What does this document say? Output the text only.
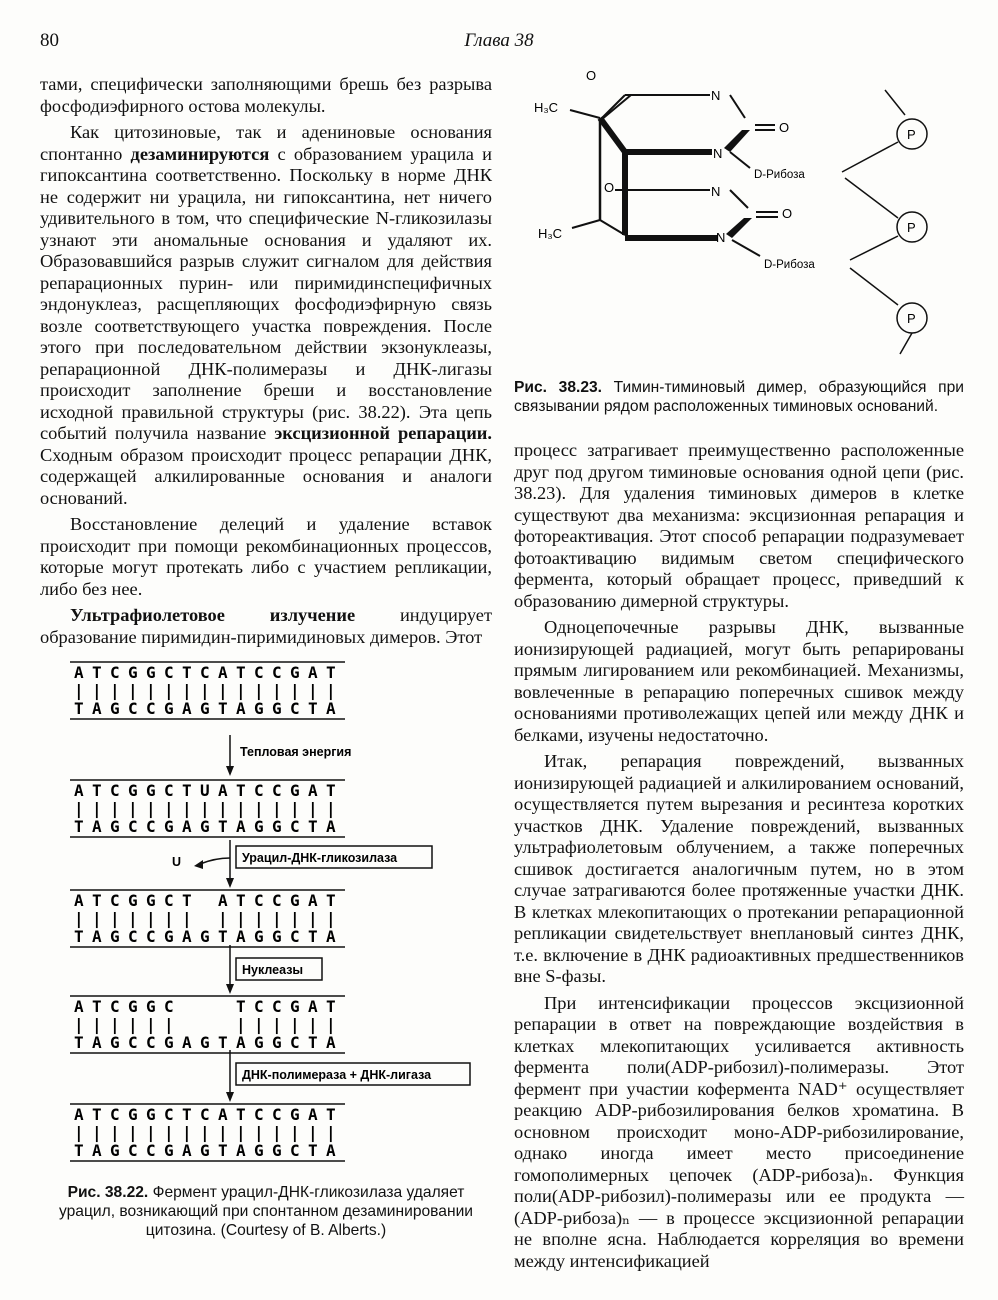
80	Глава 38

тами, специфически заполняющими брешь без разрыва фосфодиэфирного остова молекулы.

Как цитозиновые, так и адениновые основания спонтанно дезаминируются с образованием урацила и гипоксантина соответственно. Поскольку в норме ДНК не содержит ни урацила, ни гипоксантина, нет ничего удивительного в том, что специфические N-гликозилазы узнают эти аномальные основания и удаляют их. Образовавшийся разрыв служит сигналом для действия репарационных пурин- или пиримидинспецифичных эндонуклеаз, расщепляющих фосфодиэфирную связь возле соответствующего участка повреждения. После этого при последовательном действии экзонуклеазы, репарационной ДНК-полимеразы и ДНК-лигазы происходит заполнение бреши и восстановление исходной правильной структуры (рис. 38.22). Эта цепь событий получила название эксцизионной репарации. Сходным образом происходит процесс репарации ДНК, содержащей алкилированные основания и аналоги оснований.

Восстановление делеций и удаление вставок происходит при помощи рекомбинационных процессов, которые могут протекать либо с участием репликации, либо без нее.

Ультрафиолетовое излучение индуцирует образование пиримидин-пиримидиновых димеров. Этот

A T C G G C T C A T C C G A T
| | | | | | | | | | | | | | |
T A G C C G A G T A G G C T A
A T C G G C T U A T C C G A T
| | | | | | | | | | | | | | |
T A G C C G A G T A G G C T A
A T C G G C T A T C C G A T
| | | | | | | | | | | | | |
T A G C C G A G T A G G C T A
A T C G G C	T C C G A T
| | | | | |	| | | | | |
T A G C C G A G T A G G C T A
A T C G G C T C A T C C G A T
| | | | | | | | | | | | | | |
T A G C C G A G T A G G C T A
Тепловая энергия
U	Урацил-ДНК-гликозилаза
Нуклеазы
ДНК-полимераза + ДНК-лигаза
Рис. 38.22. Фермент урацил-ДНК-гликозилаза удаляет урацил, возникающий при спонтанном дезаминировании цитозина. (Courtesy of B. Alberts.)
O
N
O
N
H₃C
O	N
O
N
H₃C
D-Рибоза
D-Рибоза
P
P
P
Рис. 38.23. Тимин-тиминовый димер, образующийся при связывании рядом расположенных тиминовых оснований.

процесс затрагивает преимущественно расположенные друг под другом тиминовые основания одной цепи (рис. 38.23). Для удаления тиминовых димеров в клетке существуют два механизма: эксцизионная репарация и фотореактивация. Этот способ репарации подразумевает фотоактивацию видимым светом специфического фермента, который обращает процесс, приведший к образованию димерной структуры.

Одноцепочечные разрывы ДНК, вызванные ионизирующей радиацией, могут быть репарированы прямым лигированием или рекомбинацией. Механизмы, вовлеченные в репарацию поперечных сшивок между основаниями противолежащих цепей или между ДНК и белками, изучены недостаточно.

Итак, репарация повреждений, вызванных ионизирующей радиацией и алкилированием оснований, осуществляется путем вырезания и ресинтеза коротких участков ДНК. Удаление повреждений, вызванных ультрафиолетовым облучением, а также поперечных сшивок достигается аналогичным путем, но в этом случае затрагиваются более протяженные участки ДНК. В клетках млекопитающих о протекании репарационной репликации свидетельствует внеплановый синтез ДНК, т.е. включение в ДНК радиоактивных предшественников вне S-фазы.

При интенсификации процессов эксцизионной репарации в ответ на повреждающие воздействия в клетках млекопитающих усиливается активность фермента поли(ADP-рибозил)-полимеразы. Этот фермент при участии кофермента NAD⁺ осуществляет реакцию ADP-рибозилирования белков хроматина. В основном происходит моно-ADP-рибозилирование, однако иногда имеет место присоединение гомополимерных цепочек (ADP-рибоза)ₙ. Функция поли(ADP-рибозил)-полимеразы или ее продукта — (ADP-рибоза)ₙ — в процессе эксцизионной репарации не вполне ясна. Наблюдается корреляция во времени между интенсификацией
